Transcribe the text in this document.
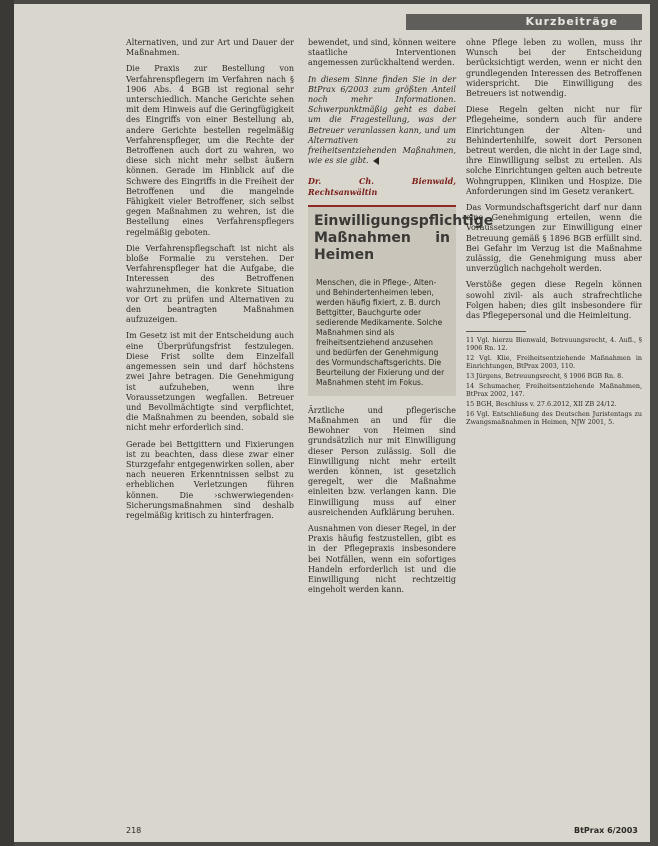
Kurzbeiträge

Alternativen, und zur Art und Dauer der Maßnahmen.

Die Praxis zur Bestellung von Verfahrenspflegern im Verfahren nach § 1906 Abs. 4 BGB ist regional sehr unterschiedlich. Manche Gerichte sehen mit dem Hinweis auf die Geringfügigkeit des Eingriffs von einer Bestellung ab, andere Gerichte bestellen regelmäßig Verfahrenspfleger, um die Rechte der Betroffenen auch dort zu wahren, wo diese sich nicht mehr selbst äußern können. Gerade im Hinblick auf die Schwere des Eingriffs in die Freiheit der Betroffenen und die mangelnde Fähigkeit vieler Betroffener, sich selbst gegen Maßnahmen zu wehren, ist die Bestellung eines Verfahrenspflegers regelmäßig geboten.

Die Verfahrenspflegschaft ist nicht als bloße Formalie zu verstehen. Der Verfahrenspfleger hat die Aufgabe, die Interessen des Betroffenen wahrzunehmen, die konkrete Situation vor Ort zu prüfen und Alternativen zu den beantragten Maßnahmen aufzuzeigen.

Im Gesetz ist mit der Entscheidung auch eine Überprüfungsfrist festzulegen. Diese Frist sollte dem Einzelfall angemessen sein und darf höchstens zwei Jahre betragen. Die Genehmigung ist aufzuheben, wenn ihre Voraussetzungen wegfallen. Betreuer und Bevollmächtigte sind verpflichtet, die Maßnahmen zu beenden, sobald sie nicht mehr erforderlich sind.

Gerade bei Bettgittern und Fixierungen ist zu beachten, dass diese zwar einer Sturzgefahr entgegenwirken sollen, aber nach neueren Erkenntnissen selbst zu erheblichen Verletzungen führen können. Die ›schwerwiegenden‹ Sicherungsmaßnahmen sind deshalb regelmäßig kritisch zu hinterfragen.

bewendet, und sind, können weitere staatliche Interventionen angemessen zurückhaltend werden.

In diesem Sinne finden Sie in der BtPrax 6/2003 zum größten Anteil noch mehr Informationen. Schwerpunktmäßig geht es dabei um die Fragestellung, was der Betreuer veranlassen kann, und um Alternativen zu freiheitsentziehenden Maßnahmen, wie es sie gibt.

Dr. Ch. Bienwald, Rechtsanwältin
Einwilligungspflichtige Maßnahmen in Heimen
Menschen, die in Pflege-, Alten- und Behindertenheimen leben, werden häufig fixiert, z. B. durch Bettgitter, Bauchgurte oder sedierende Medikamente. Solche Maßnahmen sind als freiheitsentziehend anzusehen und bedürfen der Genehmigung des Vormundschaftsgerichts. Die Beurteilung der Fixierung und der Maßnahmen steht im Fokus.

Ärztliche und pflegerische Maßnahmen an und für die Bewohner von Heimen sind grundsätzlich nur mit Einwilligung dieser Person zulässig. Soll die Einwilligung nicht mehr erteilt werden können, ist gesetzlich geregelt, wer die Maßnahme einleiten bzw. verlangen kann. Die Einwilligung muss auf einer ausreichenden Aufklärung beruhen.

Ausnahmen von dieser Regel, in der Praxis häufig festzustellen, gibt es in der Pflegepraxis insbesondere bei Notfällen, wenn ein sofortiges Handeln erforderlich ist und die Einwilligung nicht rechtzeitig eingeholt werden kann.

ohne Pflege leben zu wollen, muss ihr Wunsch bei der Entscheidung berücksichtigt werden, wenn er nicht den grundlegenden Interessen des Betroffenen widerspricht. Die Einwilligung des Betreuers ist notwendig.

Diese Regeln gelten nicht nur für Pflegeheime, sondern auch für andere Einrichtungen der Alten- und Behindertenhilfe, soweit dort Personen betreut werden, die nicht in der Lage sind, ihre Einwilligung selbst zu erteilen. Als solche Einrichtungen gelten auch betreute Wohngruppen, Kliniken und Hospize. Die Anforderungen sind im Gesetz verankert.

Das Vormundschaftsgericht darf nur dann eine Genehmigung erteilen, wenn die Voraussetzungen zur Einwilligung einer Betreuung gemäß § 1896 BGB erfüllt sind. Bei Gefahr im Verzug ist die Maßnahme zulässig, die Genehmigung muss aber unverzüglich nachgeholt werden.

Verstöße gegen diese Regeln können sowohl zivil- als auch strafrechtliche Folgen haben; dies gilt insbesondere für das Pflegepersonal und die Heimleitung.

11 Vgl. hierzu Bienwald, Betreuungsrecht, 4. Aufl., § 1906 Rn. 12.
12 Vgl. Klie, Freiheitsentziehende Maßnahmen in Einrichtungen, BtPrax 2003, 110.
13 Jürgens, Betreuungsrecht, § 1906 BGB Rn. 8.
14 Schumacher, Freiheitsentziehende Maßnahmen, BtPrax 2002, 147.
15 BGH, Beschluss v. 27.6.2012, XII ZB 24/12.
16 Vgl. Entschließung des Deutschen Juristentags zu Zwangsmaßnahmen in Heimen, NJW 2001, 5.
218	BtPrax 6/2003
